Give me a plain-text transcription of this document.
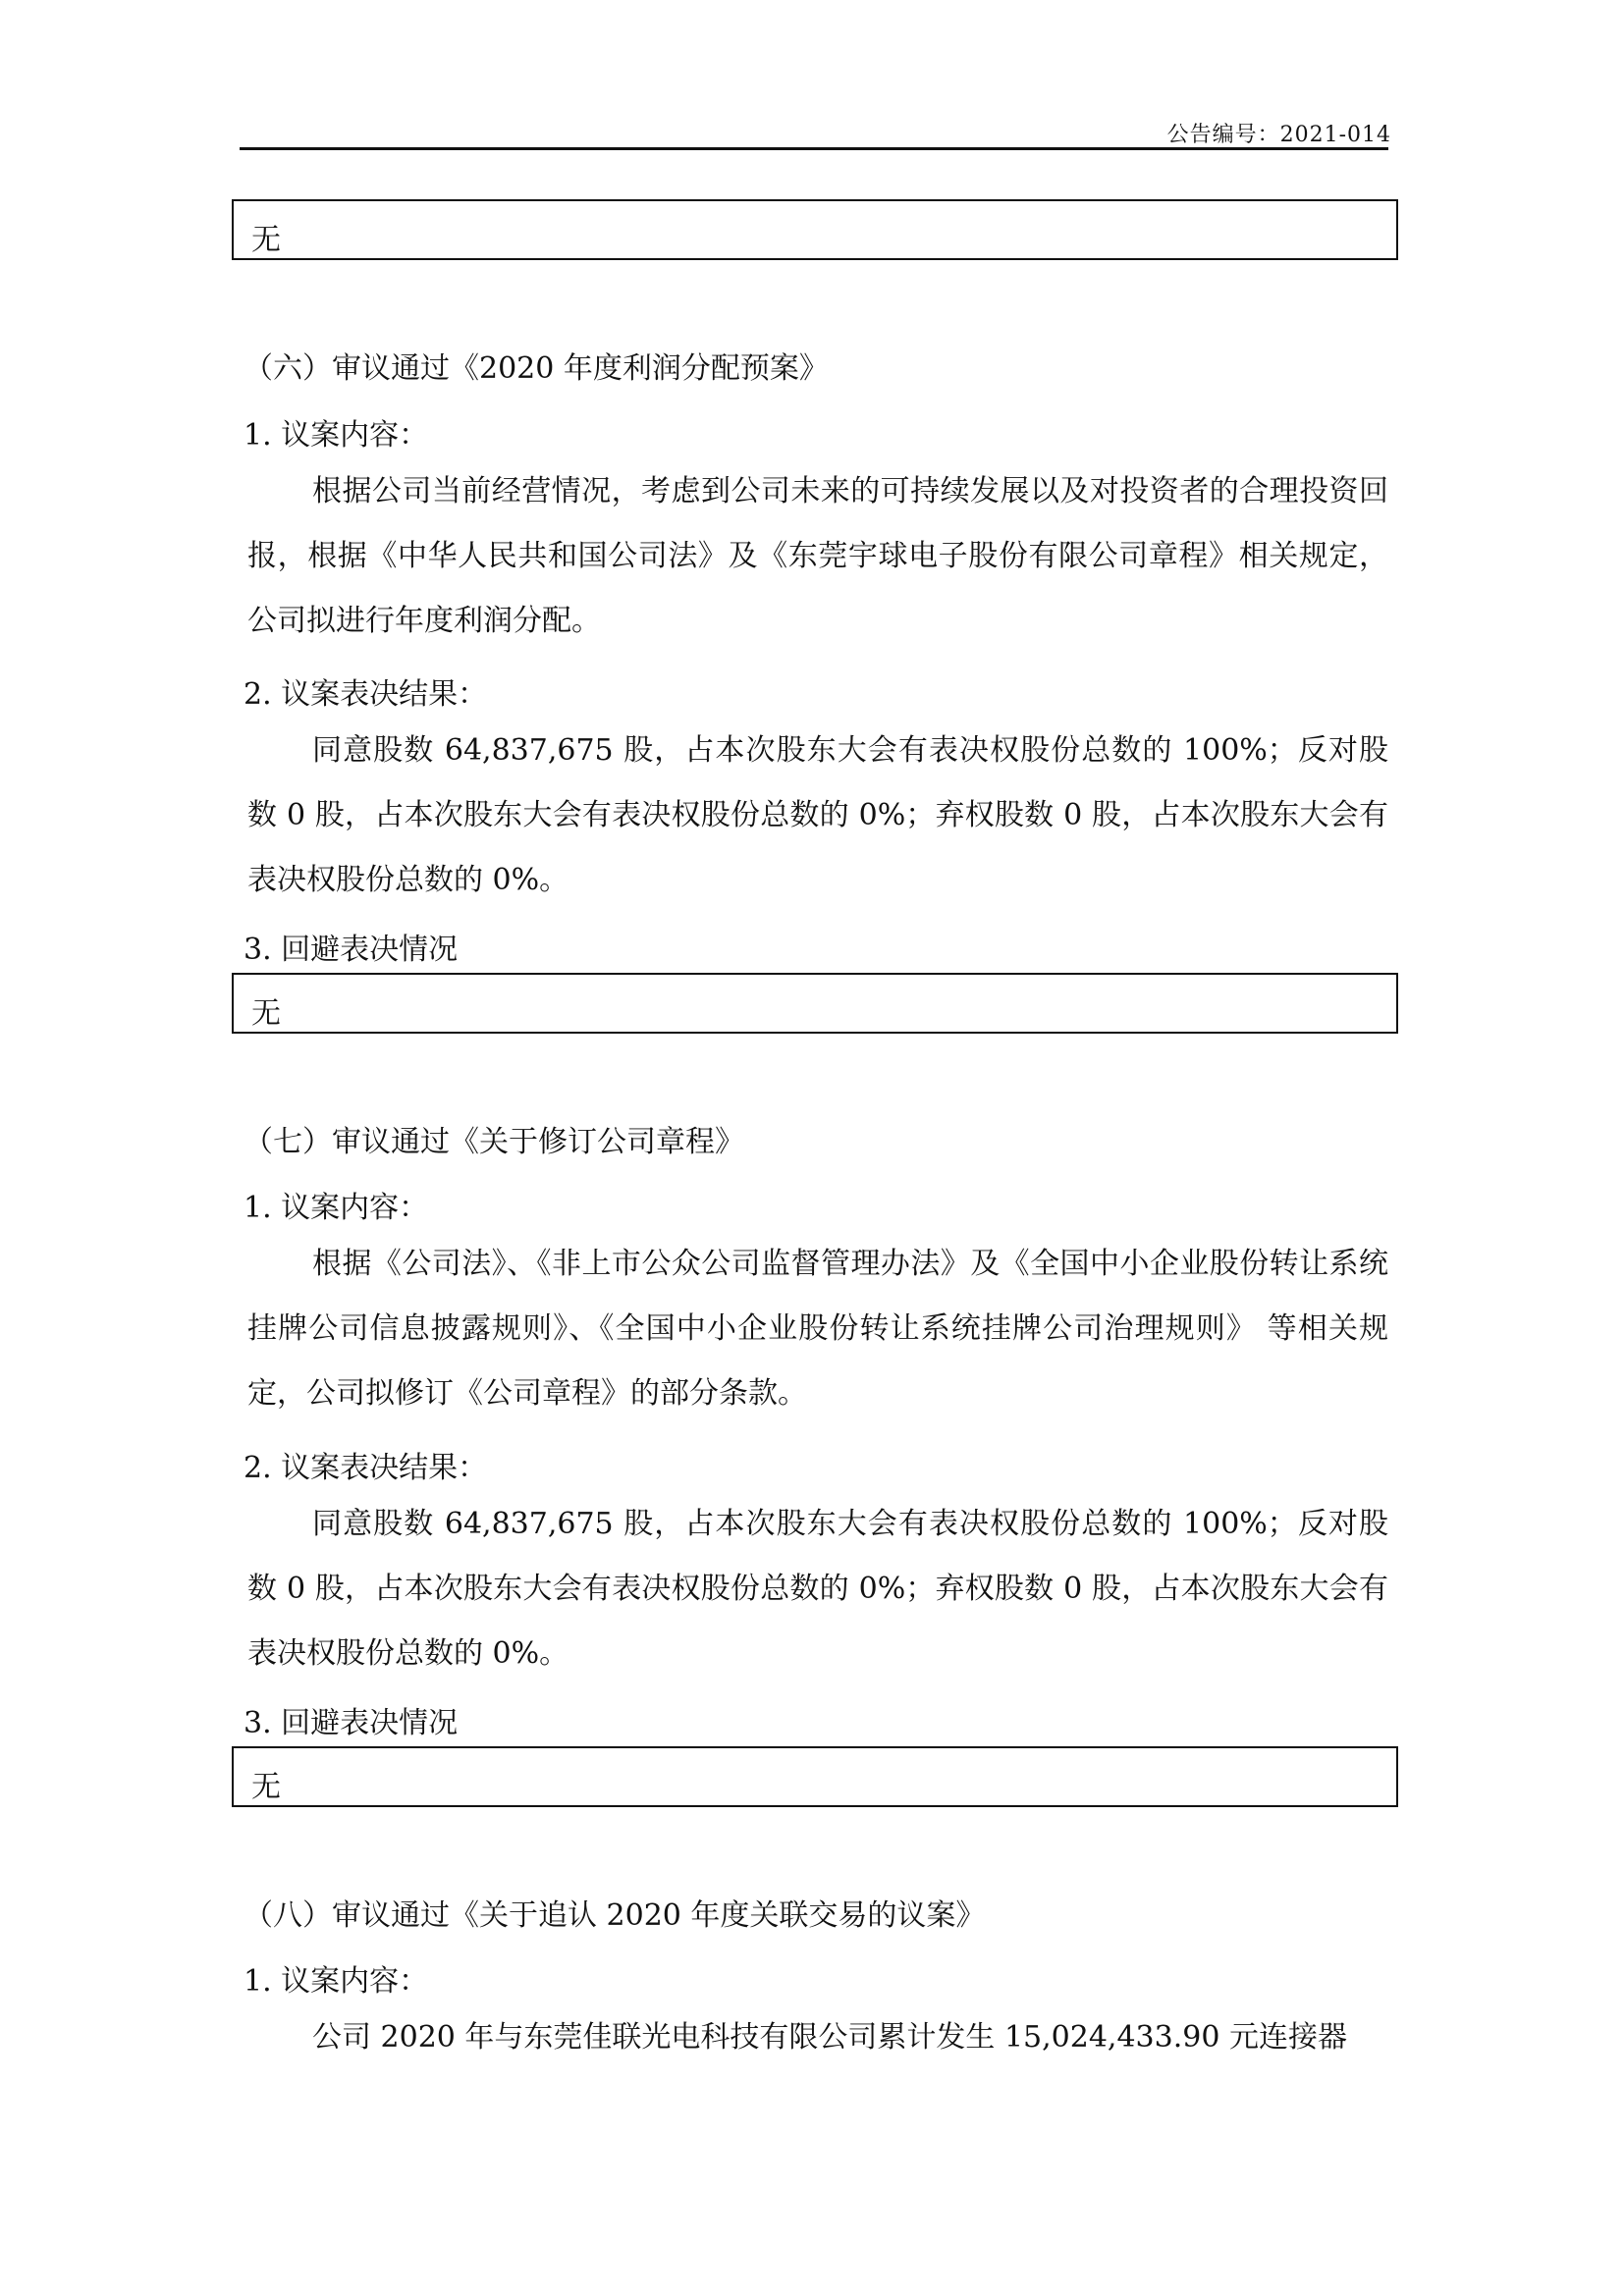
公告编号：2021-014
无
（六）审议通过《2020 年度利润分配预案》
1. 议案内容：
根据公司当前经营情况，考虑到公司未来的可持续发展以及对投资者的合理投资回报，根据《中华人民共和国公司法》及《东莞宇球电子股份有限公司章程》相关规定，公司拟进行年度利润分配。
2. 议案表决结果：
同意股数 64,837,675 股，占本次股东大会有表决权股份总数的 100%；反对股数 0 股，占本次股东大会有表决权股份总数的 0%；弃权股数 0 股，占本次股东大会有表决权股份总数的 0%。
3. 回避表决情况
无
（七）审议通过《关于修订公司章程》
1. 议案内容：
根据《公司法》、《非上市公众公司监督管理办法》及《全国中小企业股份转让系统挂牌公司信息披露规则》、《全国中小企业股份转让系统挂牌公司治理规则》 等相关规定，公司拟修订《公司章程》的部分条款。
2. 议案表决结果：
同意股数 64,837,675 股，占本次股东大会有表决权股份总数的 100%；反对股数 0 股，占本次股东大会有表决权股份总数的 0%；弃权股数 0 股，占本次股东大会有表决权股份总数的 0%。
3. 回避表决情况
无
（八）审议通过《关于追认 2020 年度关联交易的议案》
1. 议案内容：
公司 2020 年与东莞佳联光电科技有限公司累计发生 15,024,433.90 元连接器
